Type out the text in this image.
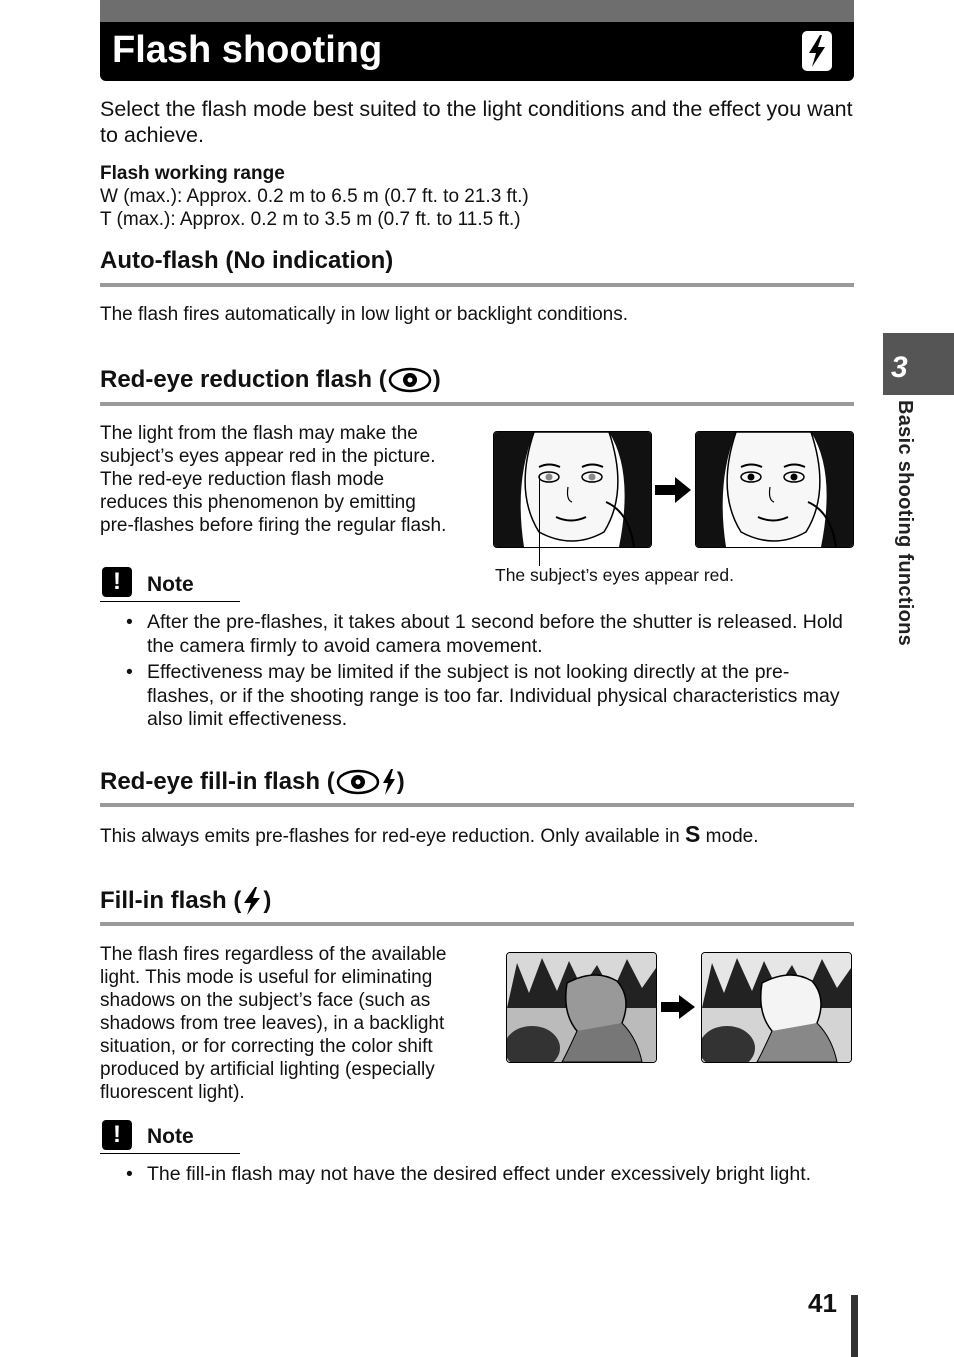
Flash shooting

Select the flash mode best suited to the light conditions and the effect you want to achieve.

Flash working range

W (max.): Approx. 0.2 m to 6.5 m (0.7 ft. to 21.3 ft.)

T (max.): Approx. 0.2 m to 3.5 m (0.7 ft. to 11.5 ft.)

Auto-flash (No indication)

The flash fires automatically in low light or backlight conditions.

Red-eye reduction flash ( )

The light from the flash may make the

subject’s eyes appear red in the picture.

The red-eye reduction flash mode

reduces this phenomenon by emitting

pre-flashes before firing the regular flash.

The subject’s eyes appear red.

!	Note
• After the pre-flashes, it takes about 1 second before the shutter is released. Hold the camera firmly to avoid camera movement.
• Effectiveness may be limited if the subject is not looking directly at the pre-flashes, or if the shooting range is too far. Individual physical characteristics may also limit effectiveness.
Red-eye fill-in flash (	)

This always emits pre-flashes for red-eye reduction. Only available in S mode.

Fill-in flash ( )

The flash fires regardless of the available

light. This mode is useful for eliminating

shadows on the subject’s face (such as

shadows from tree leaves), in a backlight

situation, or for correcting the color shift

produced by artificial lighting (especially

fluorescent light).

!	Note
• The fill-in flash may not have the desired effect under excessively bright light.
3
Basic shooting functions
41
